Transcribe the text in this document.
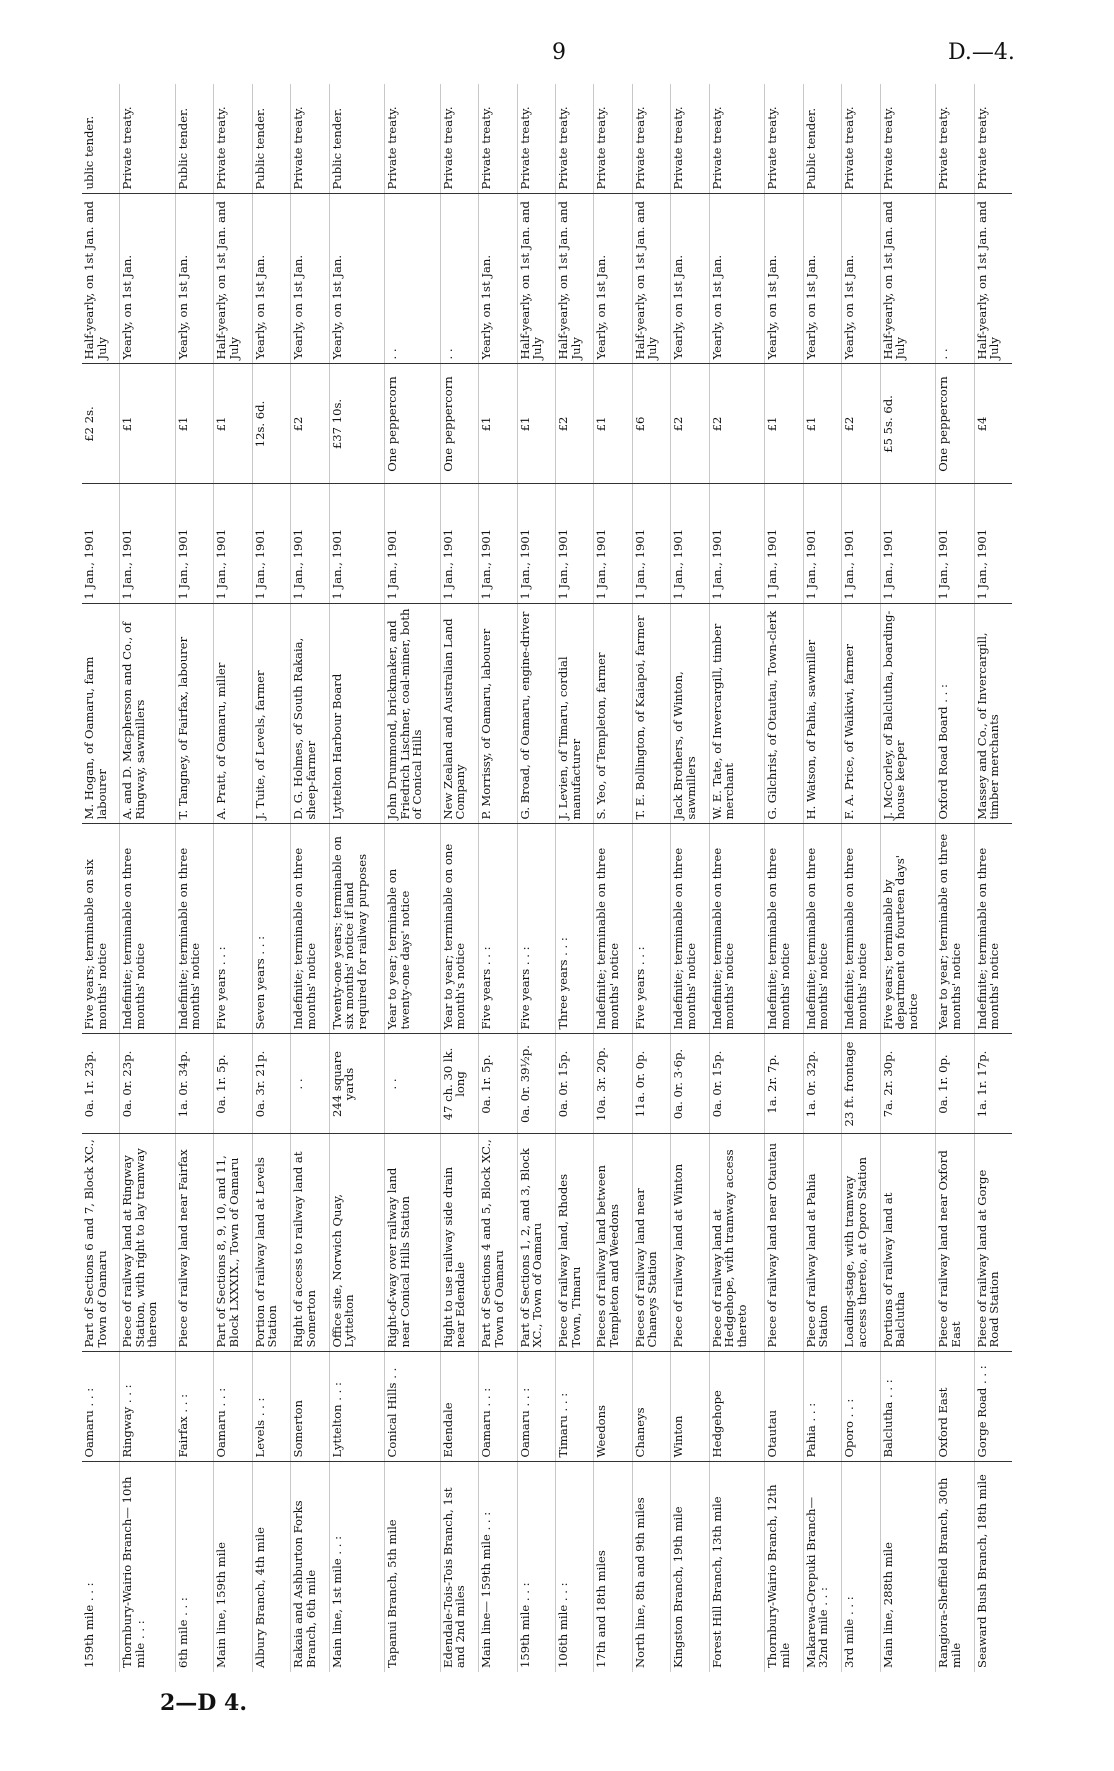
9	D.—4.
159th mile . . :	Oamaru . . :	Part of Sections 6 and 7, Block XC., Town of Oamaru	0a. 1r. 23p.	Five years; terminable on six months' notice	M. Hogan, of Oamaru, farm labourer	1 Jan., 1901	£2 2s.	Half-yearly, on 1st Jan. and July	ublic tender.
Thornbury-Wairio Branch— 10th mile . . :	Ringway . . :	Piece of railway land at Ringway Station, with right to lay tramway thereon	0a. 0r. 23p.	Indefinite; terminable on three months' notice	A. and D. Macpherson and Co., of Ringway, sawmillers	1 Jan., 1901	£1	Yearly, on 1st Jan.	Private treaty.
6th mile . . :	Fairfax . . :	Piece of railway land near Fairfax	1a. 0r. 34p.	Indefinite; terminable on three months' notice	T. Tangney, of Fairfax, labourer	1 Jan., 1901	£1	Yearly, on 1st Jan.	Public tender.
Main line, 159th mile	Oamaru . . :	Part of Sections 8, 9, 10, and 11, Block LXXXIX., Town of Oamaru	0a. 1r. 5p.	Five years . . :	A. Pratt, of Oamaru, miller	1 Jan., 1901	£1	Half-yearly, on 1st Jan. and July	Private treaty.
Albury Branch, 4th mile	Levels . . :	Portion of railway land at Levels Station	0a. 3r. 21p.	Seven years . . :	J. Tuite, of Levels, farmer	1 Jan., 1901	12s. 6d.	Yearly, on 1st Jan.	Public tender.
Rakaia and Ashburton Forks Branch, 6th mile	Somerton	Right of access to railway land at Somerton	. .	Indefinite; terminable on three months' notice	D. G. Holmes, of South Rakaia, sheep-farmer	1 Jan., 1901	£2	Yearly, on 1st Jan.	Private treaty.
Main line, 1st mile . . :	Lyttelton . . :	Office site, Norwich Quay, Lyttelton	244 square yards	Twenty-one years; terminable on six months' notice if land required for railway purposes	Lyttelton Harbour Board	1 Jan., 1901	£37 10s.	Yearly, on 1st Jan.	Public tender.
Tapanui Branch, 5th mile	Conical Hills . .	Right-of-way over railway land near Conical Hills Station	. .	Year to year; terminable on twenty-one days' notice	John Drummond, brickmaker, and Friedrich Lischner, coal-miner, both of Conical Hills	1 Jan., 1901	One peppercorn	. .	Private treaty.
Edendale-Tois-Tois Branch, 1st and 2nd miles	Edendale	Right to use railway side drain near Edendale	47 ch. 30 lk. long	Year to year; terminable on one month's notice	New Zealand and Australian Land Company	1 Jan., 1901	One peppercorn	. .	Private treaty.
Main line— 159th mile . . :	Oamaru . . :	Part of Sections 4 and 5, Block XC., Town of Oamaru	0a. 1r. 5p.	Five years . . :	P. Morrissy, of Oamaru, labourer	1 Jan., 1901	£1	Yearly, on 1st Jan.	Private treaty.
159th mile . . :	Oamaru . . :	Part of Sections 1, 2, and 3, Block XC., Town of Oamaru	0a. 0r. 39½p.	Five years . . :	G. Broad, of Oamaru, engine-driver	1 Jan., 1901	£1	Half-yearly, on 1st Jan. and July	Private treaty.
106th mile . . :	Timaru . . :	Piece of railway land, Rhodes Town, Timaru	0a. 0r. 15p.	Three years . . :	J. Levien, of Timaru, cordial manufacturer	1 Jan., 1901	£2	Half-yearly, on 1st Jan. and July	Private treaty.
17th and 18th miles	Weedons	Pieces of railway land between Templeton and Weedons	10a. 3r. 20p.	Indefinite; terminable on three months' notice	S. Yeo, of Templeton, farmer	1 Jan., 1901	£1	Yearly, on 1st Jan.	Private treaty.
North line, 8th and 9th miles	Chaneys	Pieces of railway land near Chaneys Station	11a. 0r. 0p.	Five years . . :	T. E. Bollington, of Kaiapoi, farmer	1 Jan., 1901	£6	Half-yearly, on 1st Jan. and July	Private treaty.
Kingston Branch, 19th mile	Winton	Piece of railway land at Winton	0a. 0r. 3·6p.	Indefinite; terminable on three months' notice	Jack Brothers, of Winton, sawmillers	1 Jan., 1901	£2	Yearly, on 1st Jan.	Private treaty.
Forest Hill Branch, 13th mile	Hedgehope	Piece of railway land at Hedgehope, with tramway access thereto	0a. 0r. 15p.	Indefinite; terminable on three months' notice	W. E. Tate, of Invercargill, timber merchant	1 Jan., 1901	£2	Yearly, on 1st Jan.	Private treaty.
Thornbury-Wairio Branch, 12th mile	Otautau	Piece of railway land near Otautau	1a. 2r. 7p.	Indefinite; terminable on three months' notice	G. Gilchrist, of Otautau, Town-clerk	1 Jan., 1901	£1	Yearly, on 1st Jan.	Private treaty.
Makarewa-Orepuki Branch— 32nd mile . . :	Pahia . . :	Piece of railway land at Pahia Station	1a. 0r. 32p.	Indefinite; terminable on three months' notice	H. Watson, of Pahia, sawmiller	1 Jan., 1901	£1	Yearly, on 1st Jan.	Public tender.
3rd mile . . :	Oporo . . :	Loading-stage, with tramway access thereto, at Oporo Station	23 ft. frontage	Indefinite; terminable on three months' notice	F. A. Price, of Waikiwi, farmer	1 Jan., 1901	£2	Yearly, on 1st Jan.	Private treaty.
Main line, 288th mile	Balclutha . . :	Portions of railway land at Balclutha	7a. 2r. 30p.	Five years; terminable by department on fourteen days' notice	J. McCorley, of Balclutha, boarding-house keeper	1 Jan., 1901	£5 5s. 6d.	Half-yearly, on 1st Jan. and July	Private treaty.
Rangiora-Sheffield Branch, 30th mile	Oxford East	Piece of railway land near Oxford East	0a. 1r. 0p.	Year to year; terminable on three months' notice	Oxford Road Board . . :	1 Jan., 1901	One peppercorn	. .	Private treaty.
Seaward Bush Branch, 18th mile	Gorge Road . . :	Piece of railway land at Gorge Road Station	1a. 1r. 17p.	Indefinite; terminable on three months' notice	Massey and Co., of Invercargill, timber merchants	1 Jan., 1901	£4	Half-yearly, on 1st Jan. and July	Private treaty.
2—D 4.
